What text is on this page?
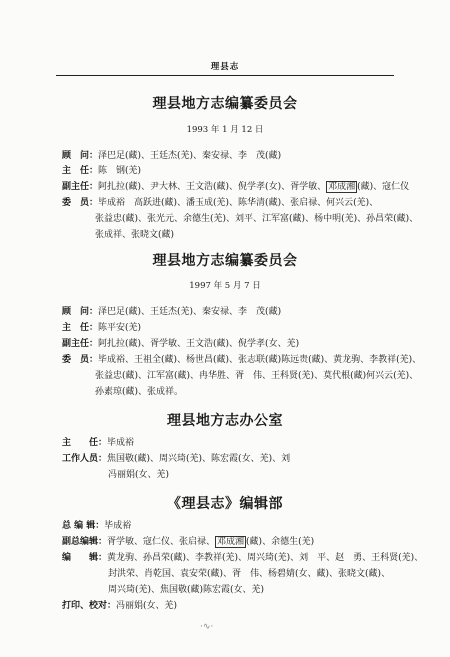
理县志
理县地方志编纂委员会
1993 年 1 月 12 日
顾　问：泽巴足(藏)、王廷杰(羌)、秦安禄、李　茂(藏)
主　任：陈　钢(羌)
副主任：阿扎拉(藏)、尹大林、王文浩(藏)、倪学孝(女)、胥学敏、 邓成湘 (藏)、寇仁仪
委　员：毕成裕　高跃进(藏)、潘玉成(羌)、陈华清(藏)、张启禄、何兴云(羌)、
张益忠(藏)、张光元、余德生(羌)、刘平、江军富(藏)、杨中明(羌)、孙昌荣(藏)、
张成祥、张晓文(藏)
理县地方志编纂委员会
1997 年 5 月 7 日
顾　问：泽巴足(藏)、王廷杰(羌)、秦安禄、李　茂(藏)
主　任：陈平安(羌)
副主任：阿扎拉(藏)、胥学敏、王文浩(藏)、倪学孝(女、羌)
委　员：毕成裕、王祖全(藏)、杨世昌(藏)、张志联(藏)陈远贵(藏)、黄龙驹、李教祥(羌)、
张益忠(藏)、江军富(藏)、冉华胜、胥　伟、王科贤(羌)、莫代根(藏)何兴云(羌)、
孙素琼(藏)、张成祥。
理县地方志办公室
主　　任：毕成裕
工作人员：焦国敬(藏)、周兴琦(羌)、陈宏霞(女、羌)、刘
冯丽娟(女、羌)
《理县志》编辑部
总 编 辑：毕成裕
副总编辑：胥学敏、寇仁仪、张启禄、 邓成湘 (藏)、余德生(羌)
编　　辑：黄龙驹、孙昌荣(藏)、李教祥(羌)、周兴琦(羌)、刘　平、赵　勇、王科贤(羌)、
封洪荣、肖乾国、袁安荣(藏)、胥　伟、杨碧婧(女、藏)、张晓文(藏)、
周兴琦(羌)、焦国敬(藏)陈宏霞(女、羌)
打印、校对：冯丽娟(女、羌)
·∿·
